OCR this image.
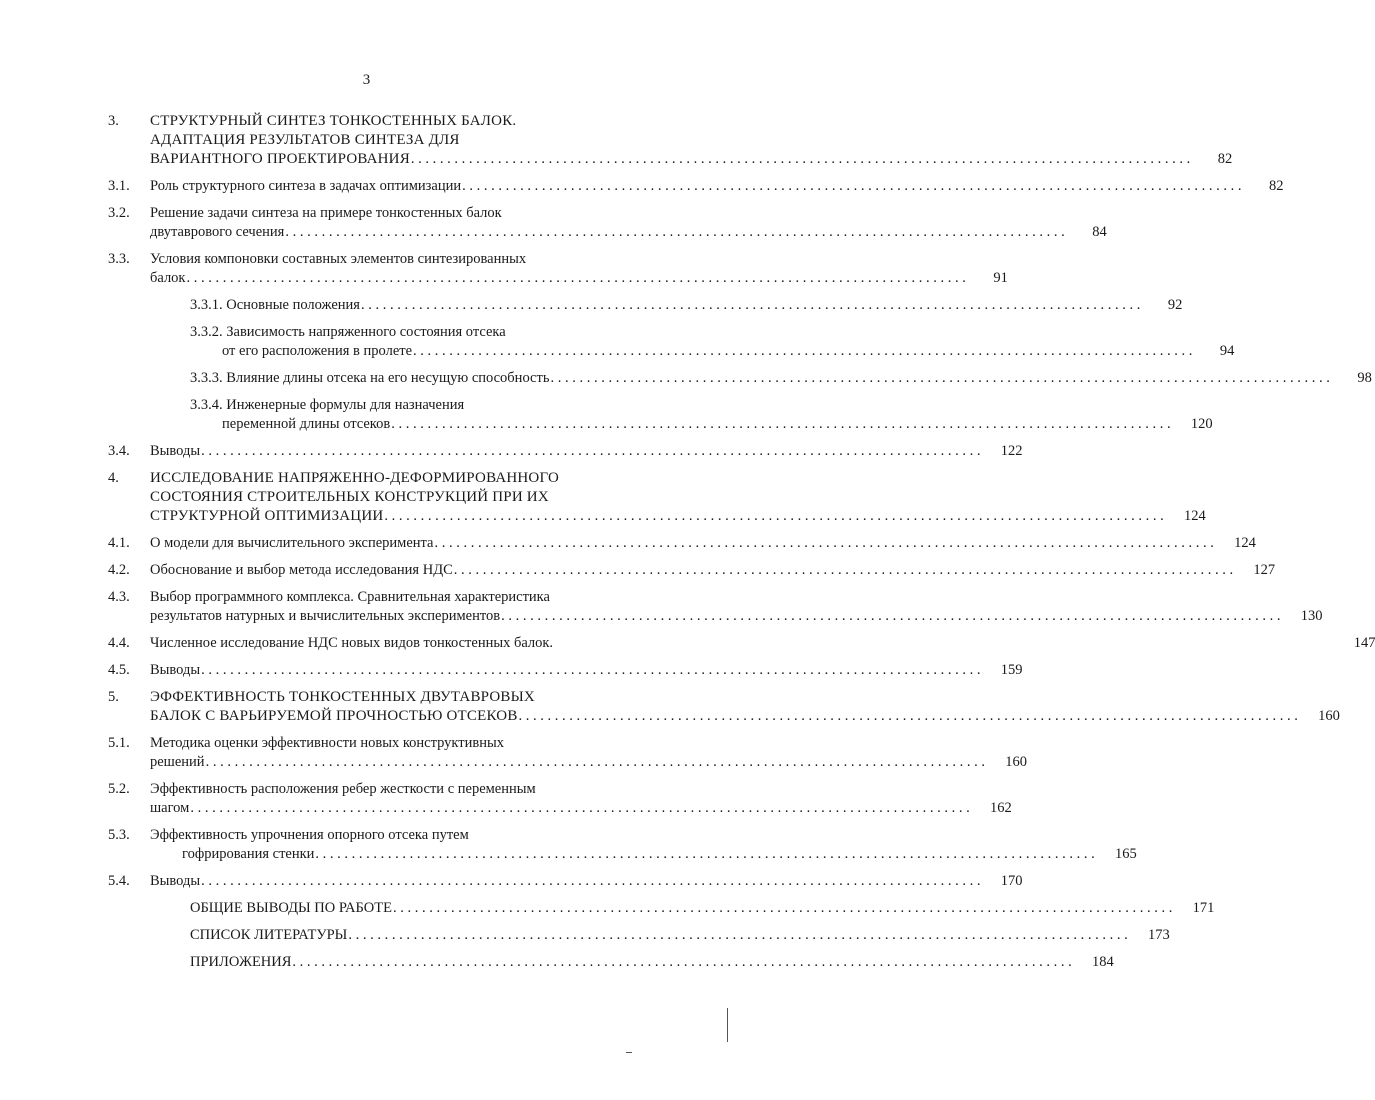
3
3.	СТРУКТУРНЫЙ СИНТЕЗ ТОНКОСТЕННЫХ БАЛОК.
АДАПТАЦИЯ РЕЗУЛЬТАТОВ СИНТЕЗА ДЛЯ
ВАРИАНТНОГО ПРОЕКТИРОВАНИЯ . . .	82
3.1.	Роль структурного синтеза в задачах оптимизации . . .	82
3.2.	Решение задачи синтеза на примере тонкостенных балок
двутаврового сечения . . .	84
3.3.	Условия компоновки составных элементов синтезированных
балок . . .	91
3.3.1. Основные положения . . .	92
3.3.2. Зависимость напряженного состояния отсека
от его расположения в пролете . . .	94
3.3.3. Влияние длины отсека на его несущую способность . . .	98
3.3.4. Инженерные формулы для назначения
переменной длины отсеков . . .	120
3.4.	Выводы . . .	122
4.	ИССЛЕДОВАНИЕ НАПРЯЖЕННО-ДЕФОРМИРОВАННОГО
СОСТОЯНИЯ СТРОИТЕЛЬНЫХ КОНСТРУКЦИЙ ПРИ ИХ
СТРУКТУРНОЙ ОПТИМИЗАЦИИ . . .	124
4.1.	О модели для вычислительного эксперимента . . .	124
4.2.	Обоснование и выбор метода исследования НДС . . .	127
4.3.	Выбор программного комплекса. Сравнительная характеристика
результатов натурных и вычислительных экспериментов . . .	130
4.4.	Численное исследование НДС новых видов тонкостенных балок.	147
4.5.	Выводы . . .	159
5.	ЭФФЕКТИВНОСТЬ ТОНКОСТЕННЫХ ДВУТАВРОВЫХ
БАЛОК С ВАРЬИРУЕМОЙ ПРОЧНОСТЬЮ ОТСЕКОВ . . .	160
5.1.	Методика оценки эффективности новых конструктивных
решений . . .	160
5.2.	Эффективность расположения ребер жесткости с переменным
шагом . . .	162
5.3.	Эффективность упрочнения опорного отсека путем
гофрирования стенки . . .	165
5.4.	Выводы . . .	170
ОБЩИЕ ВЫВОДЫ ПО РАБОТЕ . . .	171
СПИСОК ЛИТЕРАТУРЫ . . .	173
ПРИЛОЖЕНИЯ . . .	184
